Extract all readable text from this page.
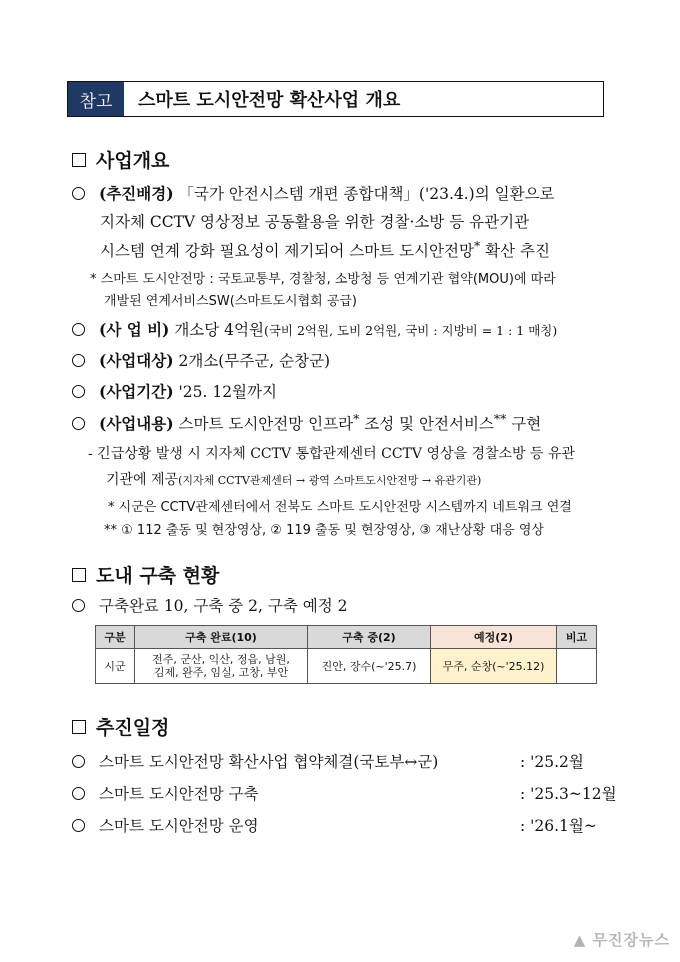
참고	스마트 도시안전망 확산사업 개요
사업개요
(추진배경) 「국가 안전시스템 개편 종합대책」('23.4.)의 일환으로
지자체 CCTV 영상정보 공동활용을 위한 경찰·소방 등 유관기관
시스템 연계 강화 필요성이 제기되어 스마트 도시안전망* 확산 추진
* 스마트 도시안전망 : 국토교통부, 경찰청, 소방청 등 연계기관 협약(MOU)에 따라
개발된 연계서비스SW(스마트도시협회 공급)
(사 업 비) 개소당 4억원(국비 2억원, 도비 2억원, 국비 : 지방비 = 1 : 1 매칭)
(사업대상) 2개소(무주군, 순창군)
(사업기간) '25. 12월까지
(사업내용) 스마트 도시안전망 인프라* 조성 및 안전서비스** 구현
- 긴급상황 발생 시 지자체 CCTV 통합관제센터 CCTV 영상을 경찰소방 등 유관
기관에 제공(지자체 CCTV관제센터 → 광역 스마트도시안전망 → 유관기관)
* 시군은 CCTV관제센터에서 전북도 스마트 도시안전망 시스템까지 네트워크 연결
** ① 112 출동 및 현장영상, ② 119 출동 및 현장영상, ③ 재난상황 대응 영상
도내 구축 현황
구축완료 10, 구축 중 2, 구축 예정 2
구분	구축 완료(10)	구축 중(2)	예정(2)	비고
시군	전주, 군산, 익산, 정읍, 남원,
김제, 완주, 임실, 고창, 부안	진안, 장수(~'25.7)	무주, 순창(~'25.12)	
추진일정
스마트 도시안전망 확산사업 협약체결(국토부↔군)	: '25.2월
스마트 도시안전망 구축	: '25.3~12월
스마트 도시안전망 운영	: '26.1월~
▲ 무진장뉴스
